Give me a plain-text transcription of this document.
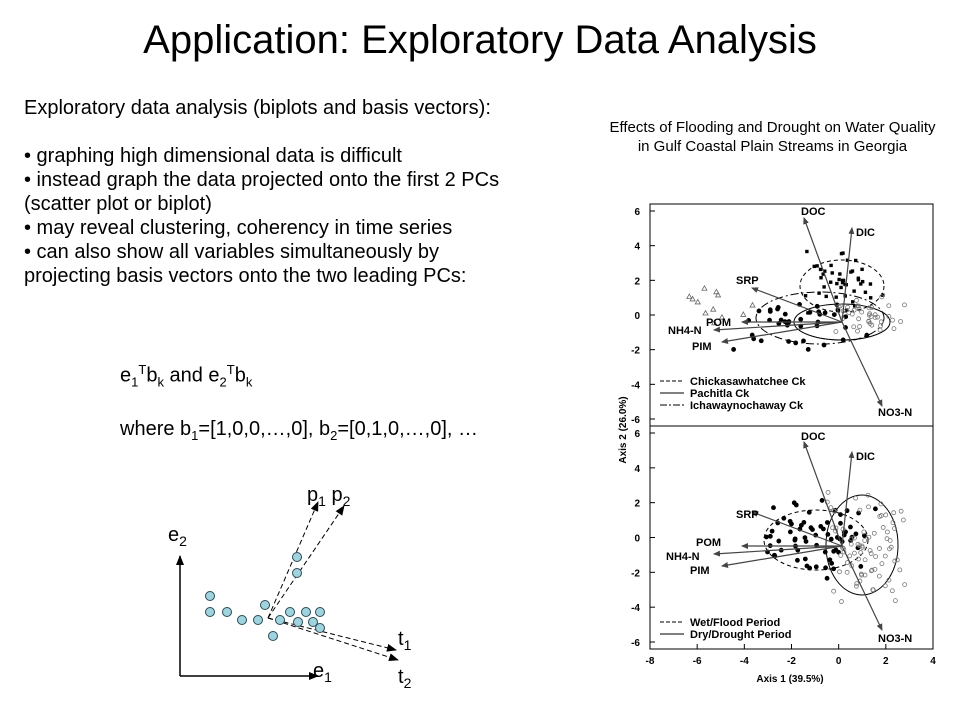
Application: Exploratory Data Analysis
Exploratory data analysis (biplots and basis vectors):
• graphing high dimensional data is difficult
• instead graph the data projected onto the first 2 PCs
(scatter plot or biplot)
• may reveal clustering, coherency in time series
• can also show all variables simultaneously by
projecting basis vectors onto the two leading PCs:
$e_1^Tb_k$ and $e_2^Tb_k$
where $b_1=[1,0,0,\dots,0]$, $b_2=[0,1,0,\dots,0]$, …
Effects of Flooding and Drought on Water Quality in Gulf Coastal Plain Streams in Georgia
$p_1$ $p_2$
$e_2$
$e_1$
$t_1$
$t_2$
-8	-6	-4	-2	0	2	4
6
4
2
0
-2
-4
-6
6
4
2
0
-2
-4
-6
Axis 2 (26.0%)
Axis 1 (39.5%)
DOC
DIC
SRP
POM
NH4-N
PIM
NO3-N
DOC
DIC
SRP
POM
NH4-N
PIM
NO3-N
Chickasawhatchee Ck
Pachitla Ck
Ichawaynochaway Ck
Wet/Flood Period
Dry/Drought Period
